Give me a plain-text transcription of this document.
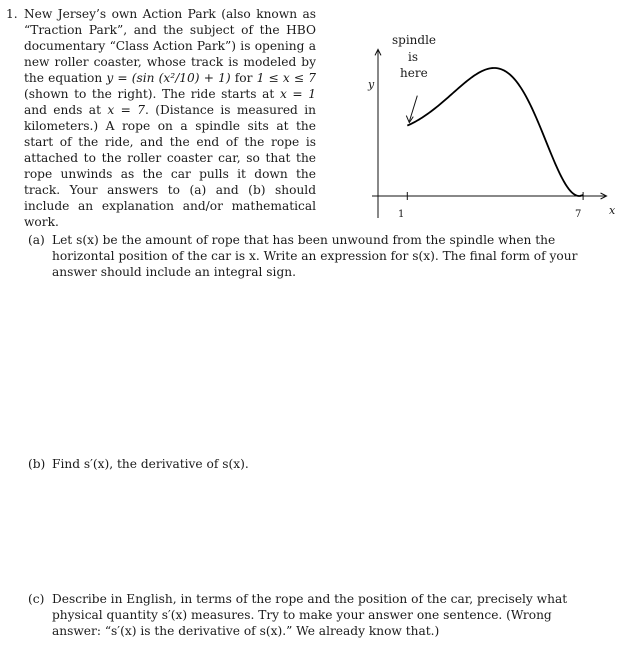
1. New Jersey’s own Action Park (also known as “Traction Park”, and the subject of the HBO documentary “Class Action Park”) is opening a new roller coaster, whose track is modeled by the equation y = (sin (x²/10) + 1) for 1 ≤ x ≤ 7 (shown to the right). The ride starts at x = 1 and ends at x = 7. (Distance is measured in kilometers.) A rope on a spindle sits at the start of the ride, and the end of the rope is attached to the roller coaster car, so that the rope unwinds as the car pulls it down the track. Your answers to (a) and (b) should include an explanation and/or mathematical work.
spindle
is
here
y
x
1	7
(a) Let s(x) be the amount of rope that has been unwound from the spindle when the horizontal position of the car is x. Write an expression for s(x). The final form of your answer should include an integral sign.
(b) Find s′(x), the derivative of s(x).
(c) Describe in English, in terms of the rope and the position of the car, precisely what physical quantity s′(x) measures. Try to make your answer one sentence. (Wrong answer: “s′(x) is the derivative of s(x).” We already know that.)
